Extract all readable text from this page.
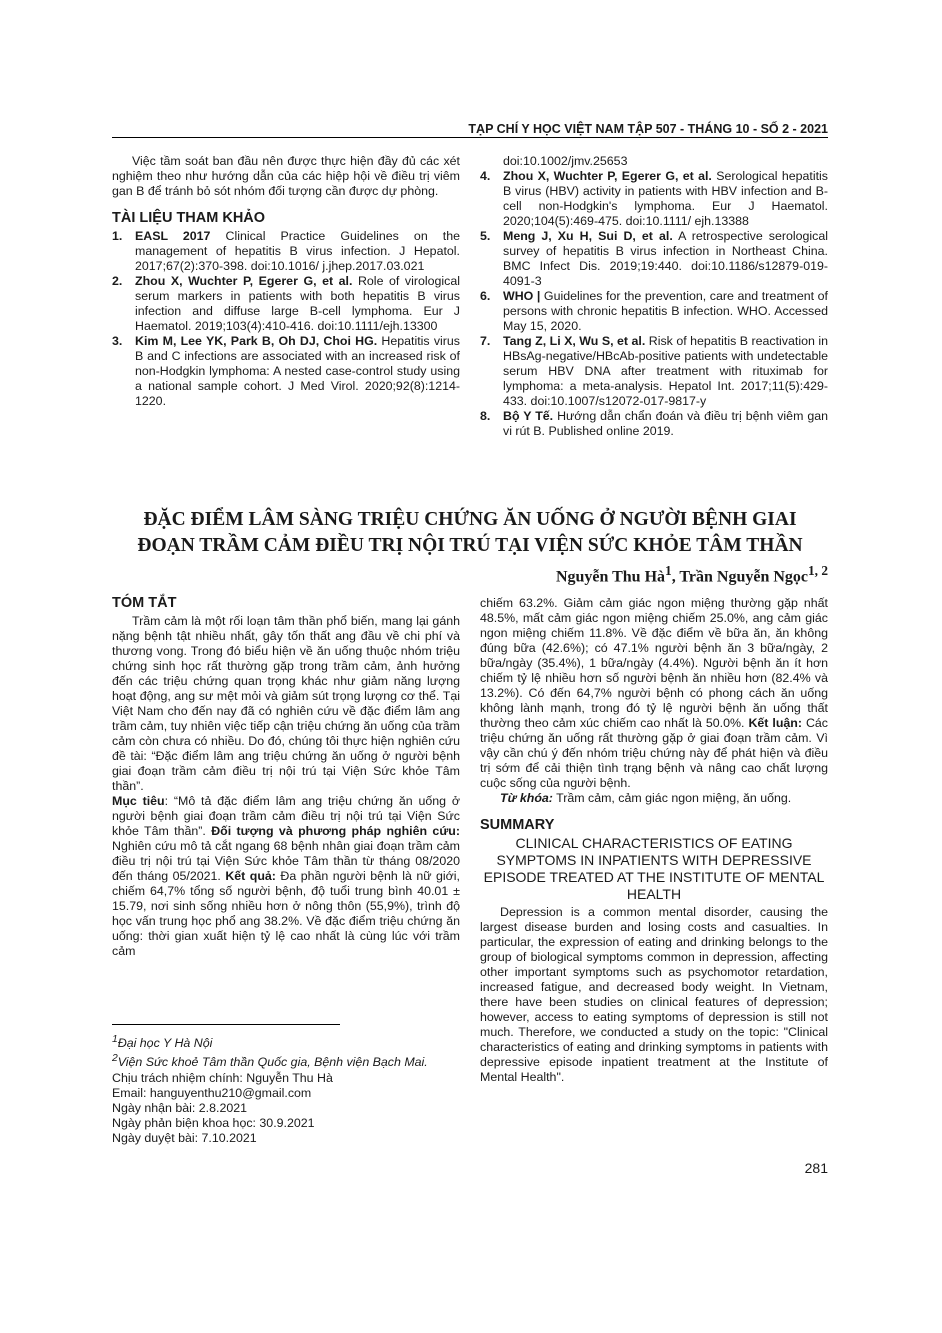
TẠP CHÍ Y HỌC VIỆT NAM TẬP 507 - THÁNG 10 - SỐ 2 - 2021

Việc tầm soát ban đầu nên được thực hiện đầy đủ các xét nghiệm theo như hướng dẫn của các hiệp hội về điều trị viêm gan B để tránh bỏ sót nhóm đối tượng cần được dự phòng.

TÀI LIỆU THAM KHẢO
1. EASL 2017 Clinical Practice Guidelines on the management of hepatitis B virus infection. J Hepatol. 2017;67(2):370-398. doi:10.1016/ j.jhep.2017.03.021
2. Zhou X, Wuchter P, Egerer G, et al. Role of virological serum markers in patients with both hepatitis B virus infection and diffuse large B-cell lymphoma. Eur J Haematol. 2019;103(4):410-416. doi:10.1111/ejh.13300
3. Kim M, Lee YK, Park B, Oh DJ, Choi HG. Hepatitis virus B and C infections are associated with an increased risk of non-Hodgkin lymphoma: A nested case-control study using a national sample cohort. J Med Virol. 2020;92(8):1214-1220.

doi:10.1002/jmv.25653

4. Zhou X, Wuchter P, Egerer G, et al. Serological hepatitis B virus (HBV) activity in patients with HBV infection and B-cell non-Hodgkin's lymphoma. Eur J Haematol. 2020;104(5):469-475. doi:10.1111/ ejh.13388
5. Meng J, Xu H, Sui D, et al. A retrospective serological survey of hepatitis B virus infection in Northeast China. BMC Infect Dis. 2019;19:440. doi:10.1186/s12879-019-4091-3
6. WHO | Guidelines for the prevention, care and treatment of persons with chronic hepatitis B infection. WHO. Accessed May 15, 2020.
7. Tang Z, Li X, Wu S, et al. Risk of hepatitis B reactivation in HBsAg-negative/HBcAb-positive patients with undetectable serum HBV DNA after treatment with rituximab for lymphoma: a meta-analysis. Hepatol Int. 2017;11(5):429-433. doi:10.1007/s12072-017-9817-y
8. Bộ Y Tế. Hướng dẫn chẩn đoán và điều trị bệnh viêm gan vi rút B. Published online 2019.
ĐẶC ĐIỂM LÂM SÀNG TRIỆU CHỨNG ĂN UỐNG Ở NGƯỜI BỆNH GIAI
ĐOẠN TRẦM CẢM ĐIỀU TRỊ NỘI TRÚ TẠI VIỆN SỨC KHỎE TÂM THẦN
Nguyễn Thu $Hà^1$, Trần Nguyễn Ngọc$^{1, 2}$
TÓM TẮT

Trầm cảm là một rối loạn tâm thần phổ biến, mang lại gánh nặng bệnh tật nhiều nhất, gây tốn thất ang đầu về chi phí và thương vong. Trong đó biểu hiện về ăn uống thuộc nhóm triệu chứng sinh học rất thường gặp trong trầm cảm, ảnh hưởng đến các triệu chứng quan trọng khác như giảm năng lượng hoạt động, ang sư mệt mỏi và giảm sút trọng lượng cơ thể. Tại Việt Nam cho đến nay đã có nghiên cứu về đặc điểm lâm ang trầm cảm, tuy nhiên việc tiếp cận triệu chứng ăn uống của trầm cảm còn chưa có nhiều. Do đó, chúng tôi thực hiện nghiên cứu đề tài: “Đặc điểm lâm ang triệu chứng ăn uống ở người bệnh giai đoạn trầm cảm điều trị nội trú tại Viện Sức khỏe Tâm thần”.

Mục tiêu: “Mô tả đặc điểm lâm ang triệu chứng ăn uống ở người bệnh giai đoạn trầm cảm điều trị nội trú tại Viện Sức khỏe Tâm thần”. Đối tượng và phương pháp nghiên cứu: Nghiên cứu mô tả cắt ngang 68 bệnh nhân giai đoạn trầm cảm điều trị nội trú tại Viện Sức khỏe Tâm thần từ tháng 08/2020 đến tháng 05/2021. Kết quả: Đa phần người bệnh là nữ giới, chiếm 64,7% tổng số người bệnh, độ tuổi trung bình 40.01 ± 15.79, nơi sinh sống nhiều hơn ở nông thôn (55,9%), trình độ học vấn trung học phổ ang 38.2%. Về đặc điểm triệu chứng ăn uống: thời gian xuất hiện tỷ lệ cao nhất là cùng lúc với trầm cảm

chiếm 63.2%. Giảm cảm giác ngon miệng thường gặp nhất 48.5%, mất cảm giác ngon miệng chiếm 25.0%, ang cảm giác ngon miệng chiếm 11.8%. Về đặc điểm về bữa ăn, ăn không đúng bữa (42.6%); có 47.1% người bệnh ăn 3 bữa/ngày, 2 bữa/ngày (35.4%), 1 bữa/ngày (4.4%). Người bệnh ăn ít hơn chiếm tỷ lệ nhiều hơn số người bệnh ăn nhiều hơn (82.4% và 13.2%). Có đến 64,7% người bệnh có phong cách ăn uống không lành mạnh, trong đó tỷ lệ người bệnh ăn uống thất thường theo cảm xúc chiếm cao nhất là 50.0%. Kết luận: Các triệu chứng ăn uống rất thường gặp ở giai đoạn trầm cảm. Vì vậy cần chú ý đến nhóm triệu chứng này để phát hiện và điều trị sớm để cải thiện tình trạng bệnh và nâng cao chất lượng cuộc sống của người bệnh.

Từ khóa: Trầm cảm, cảm giác ngon miệng, ăn uống.

SUMMARY
CLINICAL CHARACTERISTICS OF EATING SYMPTOMS IN INPATIENTS WITH DEPRESSIVE EPISODE TREATED AT THE INSTITUTE OF MENTAL HEALTH

Depression is a common mental disorder, causing the largest disease burden and losing costs and casualties. In particular, the expression of eating and drinking belongs to the group of biological symptoms common in depression, affecting other important symptoms such as psychomotor retardation, increased fatigue, and decreased body weight. In Vietnam, there have been studies on clinical features of depression; however, access to eating symptoms of depression is still not much. Therefore, we conducted a study on the topic: "Clinical characteristics of eating and drinking symptoms in patients with depressive episode inpatient treatment at the Institute of Mental Health".

$^1$Đại học Y Hà Nội
$^2$Viện Sức khoẻ Tâm thần Quốc gia, Bệnh viện Bạch Mai.
Chịu trách nhiệm chính: Nguyễn Thu Hà
Email: hanguyenthu210@gmail.com
Ngày nhận bài: 2.8.2021
Ngày phản biện khoa học: 30.9.2021
Ngày duyệt bài: 7.10.2021
281
